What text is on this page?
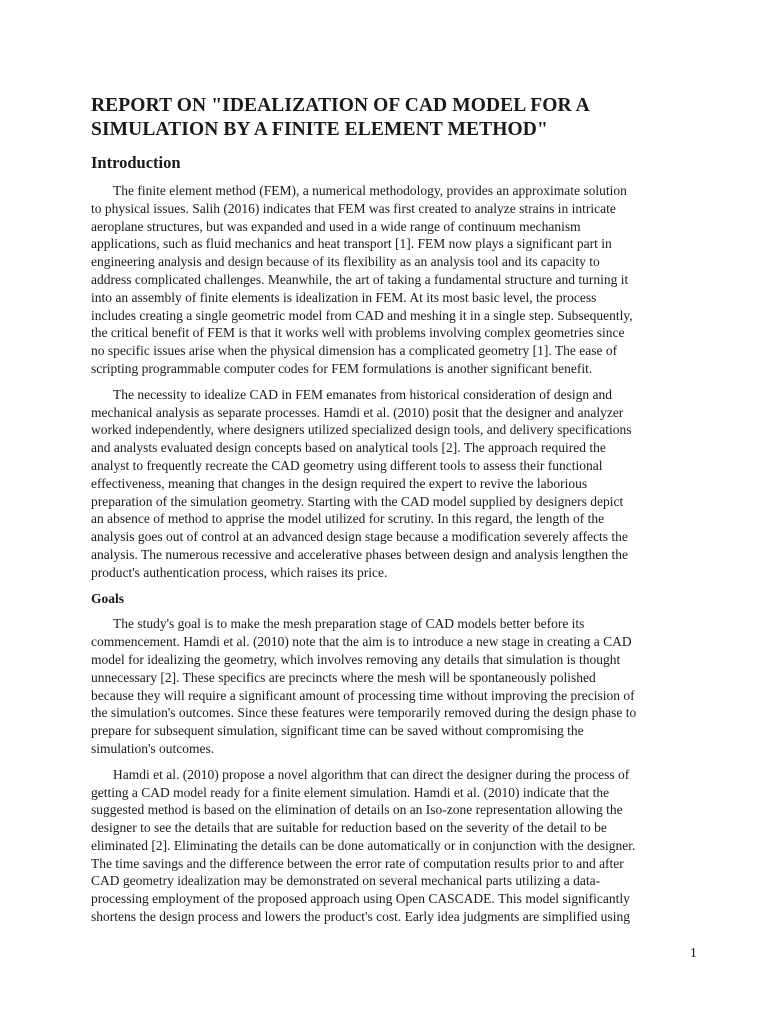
REPORT ON "IDEALIZATION OF CAD MODEL FOR A
SIMULATION BY A FINITE ELEMENT METHOD"
Introduction
The finite element method (FEM), a numerical methodology, provides an approximate solution
to physical issues. Salih (2016) indicates that FEM was first created to analyze strains in intricate
aeroplane structures, but was expanded and used in a wide range of continuum mechanism
applications, such as fluid mechanics and heat transport [1]. FEM now plays a significant part in
engineering analysis and design because of its flexibility as an analysis tool and its capacity to
address complicated challenges. Meanwhile, the art of taking a fundamental structure and turning it
into an assembly of finite elements is idealization in FEM. At its most basic level, the process
includes creating a single geometric model from CAD and meshing it in a single step. Subsequently,
the critical benefit of FEM is that it works well with problems involving complex geometries since
no specific issues arise when the physical dimension has a complicated geometry [1]. The ease of
scripting programmable computer codes for FEM formulations is another significant benefit.
The necessity to idealize CAD in FEM emanates from historical consideration of design and
mechanical analysis as separate processes. Hamdi et al. (2010) posit that the designer and analyzer
worked independently, where designers utilized specialized design tools, and delivery specifications
and analysts evaluated design concepts based on analytical tools [2]. The approach required the
analyst to frequently recreate the CAD geometry using different tools to assess their functional
effectiveness, meaning that changes in the design required the expert to revive the laborious
preparation of the simulation geometry. Starting with the CAD model supplied by designers depict
an absence of method to apprise the model utilized for scrutiny. In this regard, the length of the
analysis goes out of control at an advanced design stage because a modification severely affects the
analysis. The numerous recessive and accelerative phases between design and analysis lengthen the
product's authentication process, which raises its price.
Goals
The study's goal is to make the mesh preparation stage of CAD models better before its
commencement. Hamdi et al. (2010) note that the aim is to introduce a new stage in creating a CAD
model for idealizing the geometry, which involves removing any details that simulation is thought
unnecessary [2]. These specifics are precincts where the mesh will be spontaneously polished
because they will require a significant amount of processing time without improving the precision of
the simulation's outcomes. Since these features were temporarily removed during the design phase to
prepare for subsequent simulation, significant time can be saved without compromising the
simulation's outcomes.
Hamdi et al. (2010) propose a novel algorithm that can direct the designer during the process of
getting a CAD model ready for a finite element simulation. Hamdi et al. (2010) indicate that the
suggested method is based on the elimination of details on an Iso-zone representation allowing the
designer to see the details that are suitable for reduction based on the severity of the detail to be
eliminated [2]. Eliminating the details can be done automatically or in conjunction with the designer.
The time savings and the difference between the error rate of computation results prior to and after
CAD geometry idealization may be demonstrated on several mechanical parts utilizing a data-
processing employment of the proposed approach using Open CASCADE. This model significantly
shortens the design process and lowers the product's cost. Early idea judgments are simplified using
1
